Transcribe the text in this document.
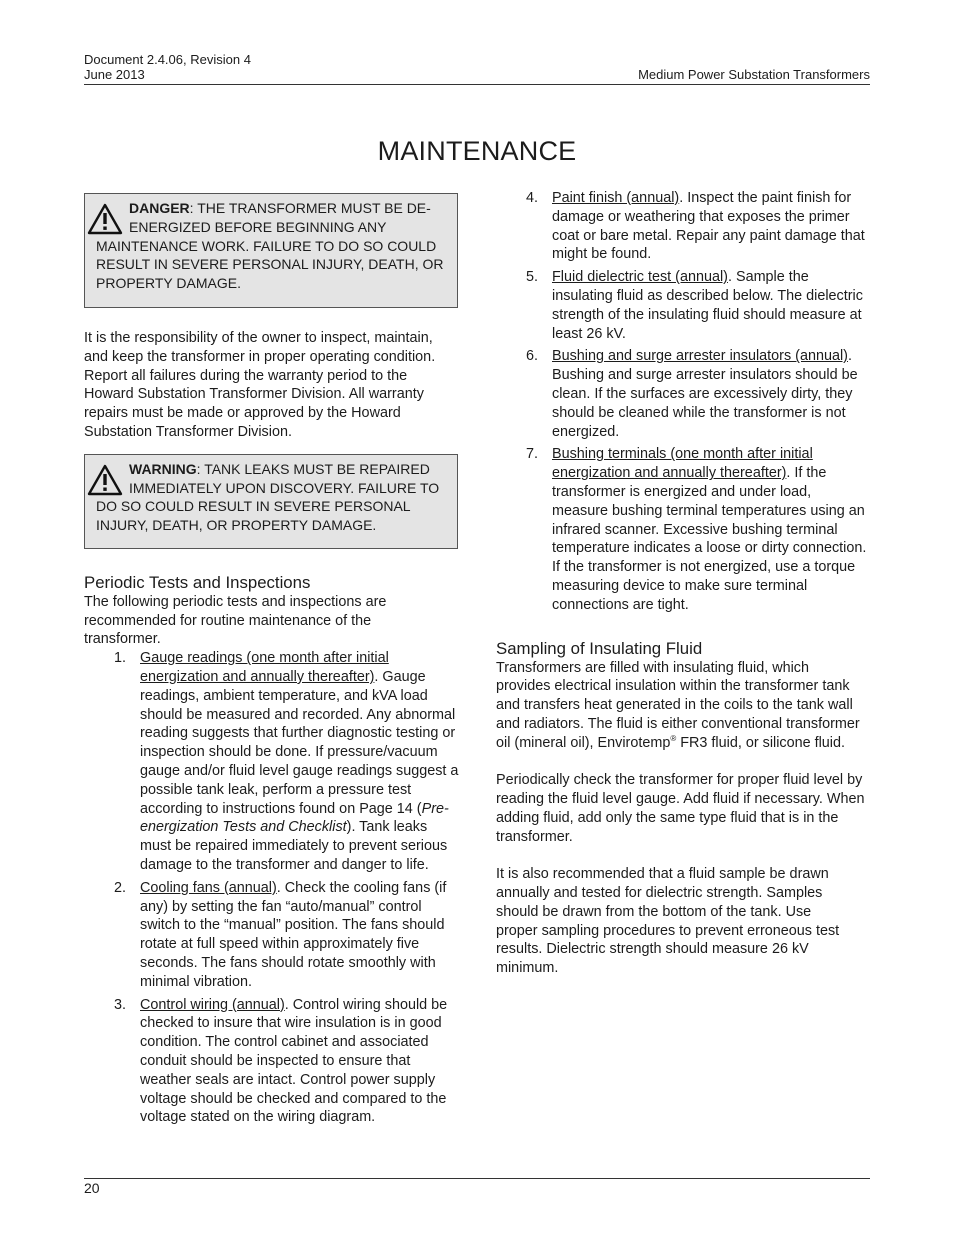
Document 2.4.06, Revision 4
June 2013	Medium Power Substation Transformers
MAINTENANCE
DANGER: THE TRANSFORMER MUST BE DE-ENERGIZED BEFORE BEGINNING ANY MAINTENANCE WORK. FAILURE TO DO SO COULD RESULT IN SEVERE PERSONAL INJURY, DEATH, OR PROPERTY DAMAGE.

It is the responsibility of the owner to inspect, maintain, and keep the transformer in proper operating condition. Report all failures during the warranty period to the Howard Substation Transformer Division. All warranty repairs must be made or approved by the Howard Substation Transformer Division.

WARNING: TANK LEAKS MUST BE REPAIRED IMMEDIATELY UPON DISCOVERY. FAILURE TO DO SO COULD RESULT IN SEVERE PERSONAL INJURY, DEATH, OR PROPERTY DAMAGE.
Periodic Tests and Inspections

The following periodic tests and inspections are recommended for routine maintenance of the transformer.

1. Gauge readings (one month after initial energization and annually thereafter). Gauge readings, ambient temperature, and kVA load should be measured and recorded. Any abnormal reading suggests that further diagnostic testing or inspection should be done. If pressure/vacuum gauge and/or fluid level gauge readings suggest a possible tank leak, perform a pressure test according to instructions found on Page 14 (Pre-energization Tests and Checklist). Tank leaks must be repaired immediately to prevent serious damage to the transformer and danger to life.
2. Cooling fans (annual). Check the cooling fans (if any) by setting the fan “auto/manual” control switch to the “manual” position. The fans should rotate at full speed within approximately five seconds. The fans should rotate smoothly with minimal vibration.
3. Control wiring (annual). Control wiring should be checked to insure that wire insulation is in good condition. The control cabinet and associated conduit should be inspected to ensure that weather seals are intact. Control power supply voltage should be checked and compared to the voltage stated on the wiring diagram.
4. Paint finish (annual). Inspect the paint finish for damage or weathering that exposes the primer coat or bare metal. Repair any paint damage that might be found.
5. Fluid dielectric test (annual). Sample the insulating fluid as described below. The dielectric strength of the insulating fluid should measure at least 26 kV.
6. Bushing and surge arrester insulators (annual). Bushing and surge arrester insulators should be clean. If the surfaces are excessively dirty, they should be cleaned while the transformer is not energized.
7. Bushing terminals (one month after initial energization and annually thereafter). If the transformer is energized and under load, measure bushing terminal temperatures using an infrared scanner. Excessive bushing terminal temperature indicates a loose or dirty connection. If the transformer is not energized, use a torque measuring device to make sure terminal connections are tight.
Sampling of Insulating Fluid

Transformers are filled with insulating fluid, which provides electrical insulation within the transformer tank and transfers heat generated in the coils to the tank wall and radiators. The fluid is either conventional transformer oil (mineral oil), Envirotemp® FR3 fluid, or silicone fluid.

Periodically check the transformer for proper fluid level by reading the fluid level gauge. Add fluid if necessary. When adding fluid, add only the same type fluid that is in the transformer.

It is also recommended that a fluid sample be drawn annually and tested for dielectric strength. Samples should be drawn from the bottom of the tank. Use proper sampling procedures to prevent erroneous test results. Dielectric strength should measure 26 kV minimum.

20
